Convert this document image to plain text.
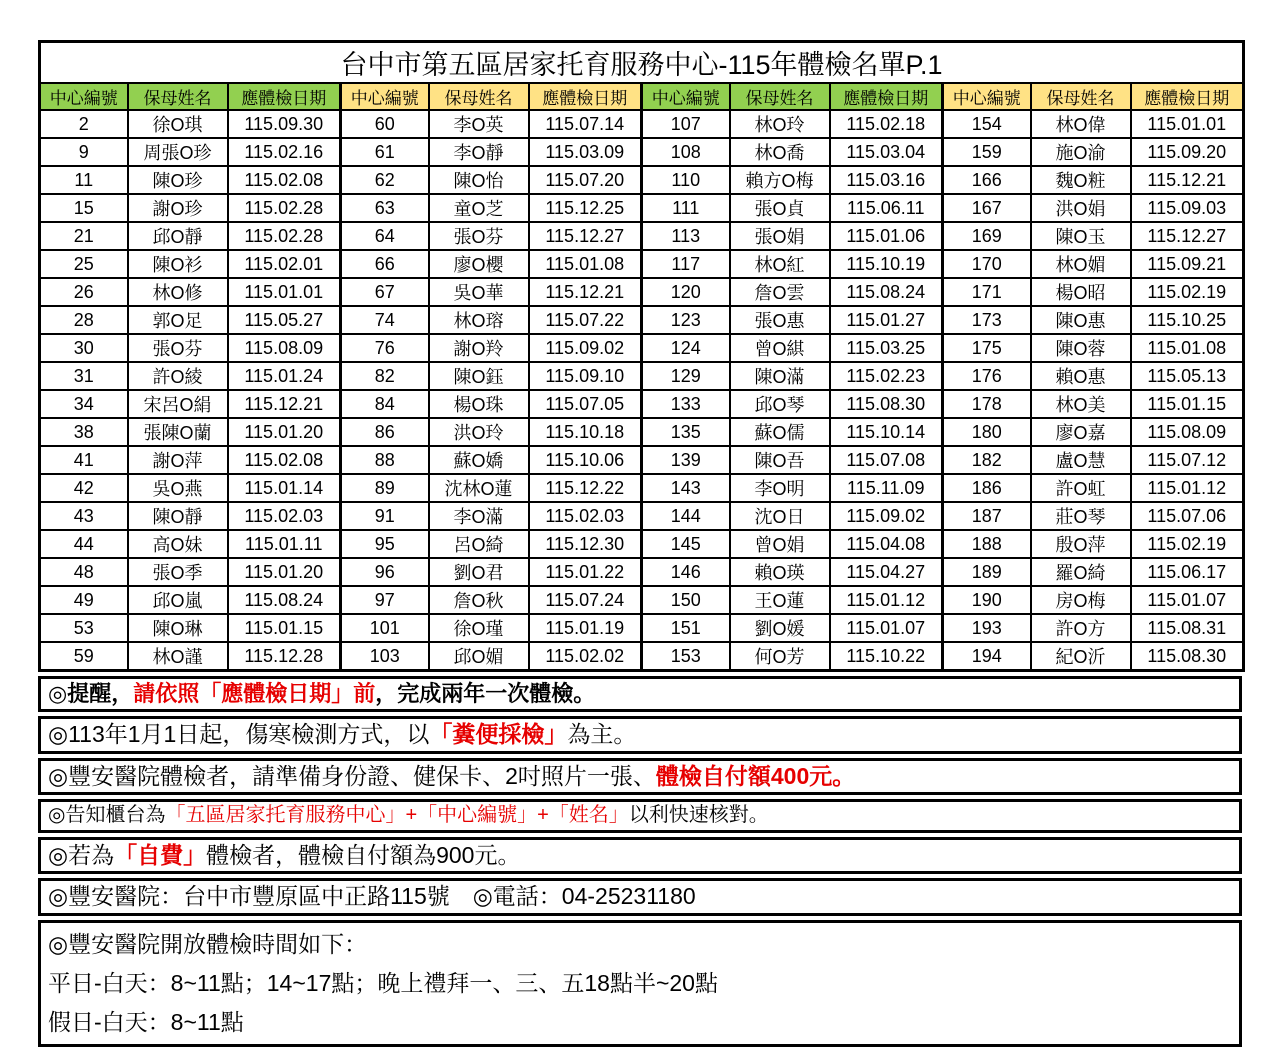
台中市第五區居家托育服務中心-115年體檢名單P.1											
中心編號	保母姓名	應體檢日期	中心編號	保母姓名	應體檢日期	中心編號	保母姓名	應體檢日期	中心編號	保母姓名	應體檢日期
2	徐O琪	115.09.30	60	李O英	115.07.14	107	林O玲	115.02.18	154	林O偉	115.01.01
9	周張O珍	115.02.16	61	李O靜	115.03.09	108	林O喬	115.03.04	159	施O渝	115.09.20
11	陳O珍	115.02.08	62	陳O怡	115.07.20	110	賴方O梅	115.03.16	166	魏O粧	115.12.21
15	謝O珍	115.02.28	63	童O芝	115.12.25	111	張O貞	115.06.11	167	洪O娟	115.09.03
21	邱O靜	115.02.28	64	張O芬	115.12.27	113	張O娟	115.01.06	169	陳O玉	115.12.27
25	陳O衫	115.02.01	66	廖O櫻	115.01.08	117	林O紅	115.10.19	170	林O媚	115.09.21
26	林O修	115.01.01	67	吳O華	115.12.21	120	詹O雲	115.08.24	171	楊O昭	115.02.19
28	郭O足	115.05.27	74	林O瑢	115.07.22	123	張O惠	115.01.27	173	陳O惠	115.10.25
30	張O芬	115.08.09	76	謝O羚	115.09.02	124	曾O綨	115.03.25	175	陳O蓉	115.01.08
31	許O綾	115.01.24	82	陳O鈺	115.09.10	129	陳O滿	115.02.23	176	賴O惠	115.05.13
34	宋呂O絹	115.12.21	84	楊O珠	115.07.05	133	邱O琴	115.08.30	178	林O美	115.01.15
38	張陳O蘭	115.01.20	86	洪O玲	115.10.18	135	蘇O儒	115.10.14	180	廖O嘉	115.08.09
41	謝O萍	115.02.08	88	蘇O嬌	115.10.06	139	陳O吾	115.07.08	182	盧O慧	115.07.12
42	吳O燕	115.01.14	89	沈林O蓮	115.12.22	143	李O明	115.11.09	186	許O虹	115.01.12
43	陳O靜	115.02.03	91	李O滿	115.02.03	144	沈O日	115.09.02	187	莊O琴	115.07.06
44	高O妹	115.01.11	95	呂O綺	115.12.30	145	曾O娟	115.04.08	188	殷O萍	115.02.19
48	張O季	115.01.20	96	劉O君	115.01.22	146	賴O瑛	115.04.27	189	羅O綺	115.06.17
49	邱O嵐	115.08.24	97	詹O秋	115.07.24	150	王O蓮	115.01.12	190	房O梅	115.01.07
53	陳O琳	115.01.15	101	徐O瑾	115.01.19	151	劉O媛	115.01.07	193	許O方	115.08.31
59	林O謹	115.12.28	103	邱O媚	115.02.02	153	何O芳	115.10.22	194	紀O沂	115.08.30
◎提醒，請依照「應體檢日期」前，完成兩年一次體檢。
◎113年1月1日起，傷寒檢測方式，以「糞便採檢」為主。
◎豐安醫院體檢者，請準備身份證、健保卡、2吋照片一張、體檢自付額400元。
◎告知櫃台為「五區居家托育服務中心」+「中心編號」+「姓名」以利快速核對。
◎若為「自費」體檢者，體檢自付額為900元。
◎豐安醫院：台中市豐原區中正路115號　◎電話：04-25231180
◎豐安醫院開放體檢時間如下：
平日-白天：8~11點；14~17點；晚上禮拜一、三、五18點半~20點
假日-白天：8~11點
